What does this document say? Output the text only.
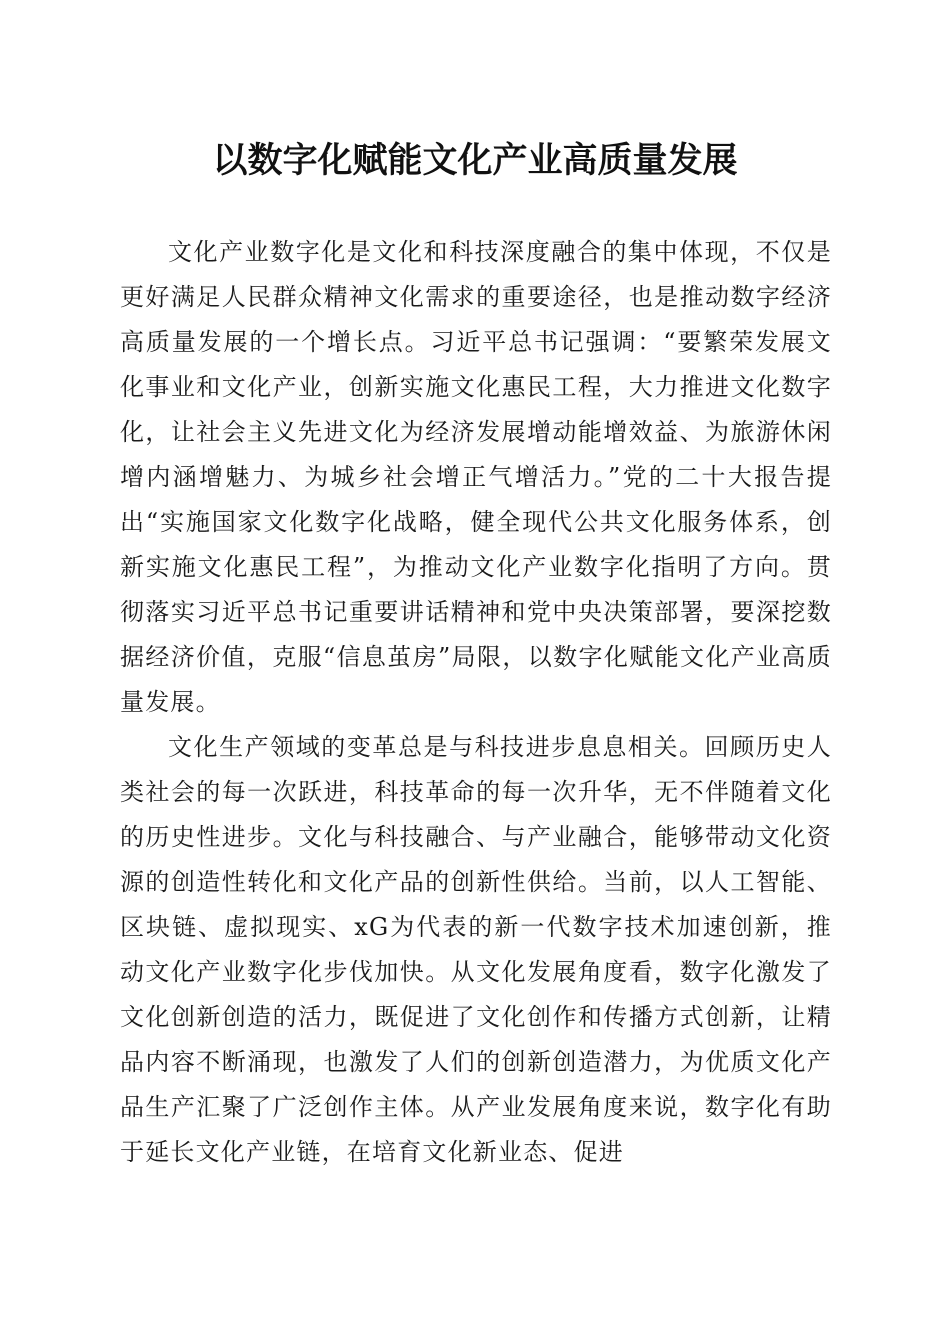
以数字化赋能文化产业高质量发展

文化产业数字化是文化和科技深度融合的集中体现，不仅是更好满足人民群众精神文化需求的重要途径，也是推动数字经济高质量发展的一个增长点。习近平总书记强调：“要繁荣发展文化事业和文化产业，创新实施文化惠民工程，大力推进文化数字化，让社会主义先进文化为经济发展增动能增效益、为旅游休闲增内涵增魅力、为城乡社会增正气增活力。”党的二十大报告提出“实施国家文化数字化战略，健全现代公共文化服务体系，创新实施文化惠民工程”，为推动文化产业数字化指明了方向。贯彻落实习近平总书记重要讲话精神和党中央决策部署，要深挖数据经济价值，克服“信息茧房”局限，以数字化赋能文化产业高质量发展。

文化生产领域的变革总是与科技进步息息相关。回顾历史人类社会的每一次跃进，科技革命的每一次升华，无不伴随着文化的历史性进步。文化与科技融合、与产业融合，能够带动文化资源的创造性转化和文化产品的创新性供给。当前，以人工智能、区块链、虚拟现实、xG为代表的新一代数字技术加速创新，推动文化产业数字化步伐加快。从文化发展角度看，数字化激发了文化创新创造的活力，既促进了文化创作和传播方式创新，让精品内容不断涌现，也激发了人们的创新创造潜力，为优质文化产品生产汇聚了广泛创作主体。从产业发展角度来说，数字化有助于延长文化产业链，在培育文化新业态、促进
